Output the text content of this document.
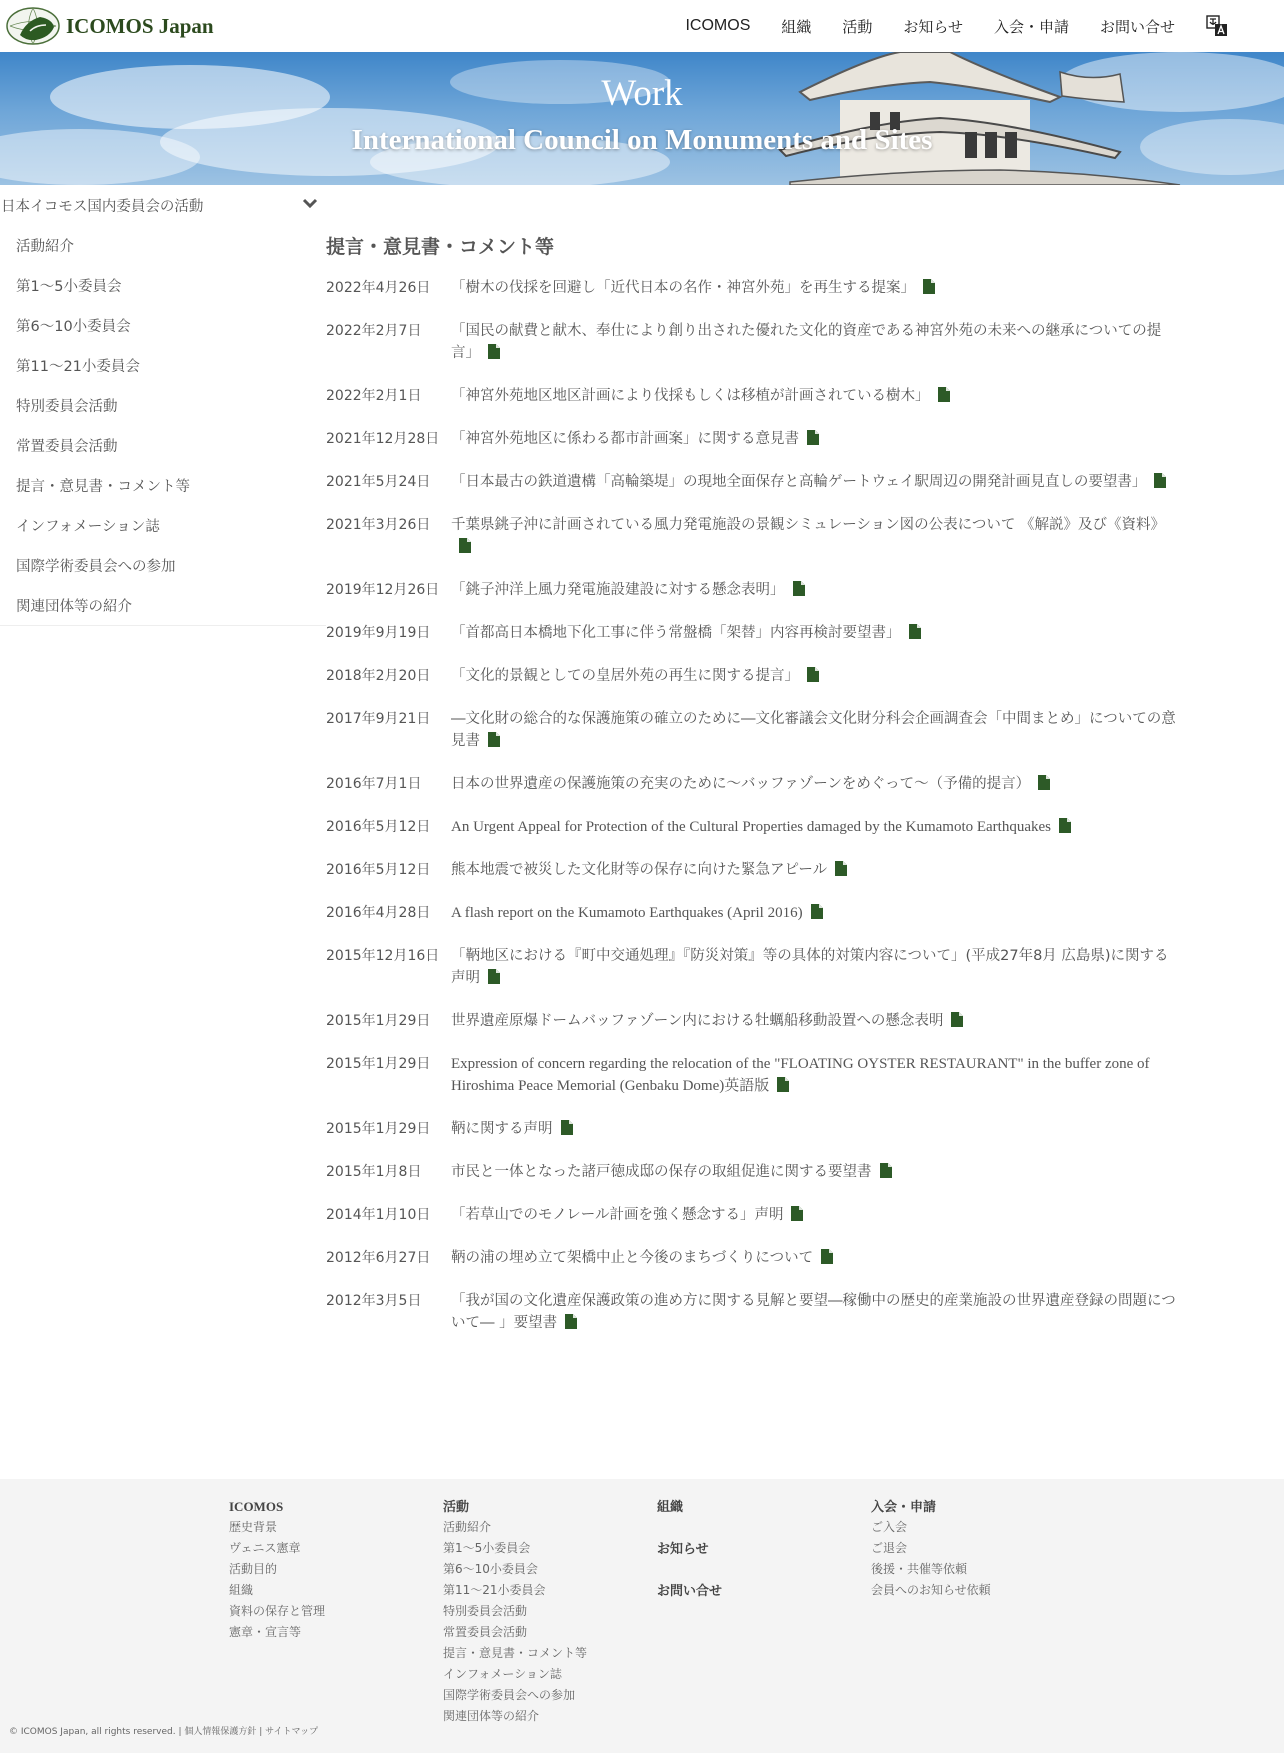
ICOMOS Japan	ICOMOS 組織 活動 お知らせ 入会・申請 お問い合せ
Work
International Council on Monuments and Sites
日本イコモス国内委員会の活動
活動紹介
第1〜5小委員会
第6〜10小委員会
第11〜21小委員会
特別委員会活動
常置委員会活動
提言・意見書・コメント等
インフォメーション誌
国際学術委員会への参加
関連団体等の紹介
提言・意見書・コメント等
2022年4月26日	「樹木の伐採を回避し「近代日本の名作・神宮外苑」を再生する提案」
2022年2月7日	「国民の献費と献木、奉仕により創り出された優れた文化的資産である神宮外苑の未来への継承についての提言」
2022年2月1日	「神宮外苑地区地区計画により伐採もしくは移植が計画されている樹木」
2021年12月28日 「神宮外苑地区に係わる都市計画案」に関する意見書
2021年5月24日	「日本最古の鉄道遺構「高輪築堤」の現地全面保存と高輪ゲートウェイ駅周辺の開発計画見直しの要望書」
2021年3月26日	千葉県銚子沖に計画されている風力発電施設の景観シミュレーション図の公表について 《解説》及び《資料》
2019年12月26日 「銚子沖洋上風力発電施設建設に対する懸念表明」
2019年9月19日	「首都高日本橋地下化工事に伴う常盤橋「架替」内容再検討要望書」
2018年2月20日	「文化的景観としての皇居外苑の再生に関する提言」
2017年9月21日	―文化財の総合的な保護施策の確立のために―文化審議会文化財分科会企画調査会「中間まとめ」についての意見書
2016年7月1日	日本の世界遺産の保護施策の充実のために～バッファゾーンをめぐって～（予備的提言）
2016年5月12日	An Urgent Appeal for Protection of the Cultural Properties damaged by the Kumamoto Earthquakes
2016年5月12日	熊本地震で被災した文化財等の保存に向けた緊急アピール
2016年4月28日	A flash report on the Kumamoto Earthquakes (April 2016)
2015年12月16日 「鞆地区における『町中交通処理』『防災対策』等の具体的対策内容について」(平成27年8月 広島県)に関する声明
2015年1月29日	世界遺産原爆ドームバッファゾーン内における牡蠣船移動設置への懸念表明
2015年1月29日	Expression of concern regarding the relocation of the "FLOATING OYSTER RESTAURANT" in the buffer zone of Hiroshima Peace Memorial (Genbaku Dome)英語版
2015年1月29日	鞆に関する声明
2015年1月8日	市民と一体となった諸戸徳成邸の保存の取組促進に関する要望書
2014年1月10日	「若草山でのモノレール計画を強く懸念する」声明
2012年6月27日	鞆の浦の埋め立て架橋中止と今後のまちづくりについて
2012年3月5日	「我が国の文化遺産保護政策の進め方に関する見解と要望―稼働中の歴史的産業施設の世界遺産登録の問題について― 」要望書
ICOMOS
歴史背景
ヴェニス憲章
活動目的
組織
資料の保存と管理
憲章・宣言等
活動
活動紹介
第1〜5小委員会
第6〜10小委員会
第11〜21小委員会
特別委員会活動
常置委員会活動
提言・意見書・コメント等
インフォメーション誌
国際学術委員会への参加
関連団体等の紹介
組織
お知らせ
お問い合せ
入会・申請
ご入会
ご退会
後援・共催等依頼
会員へのお知らせ依頼
© ICOMOS Japan, all rights reserved. | 個人情報保護方針 | サイトマップ
